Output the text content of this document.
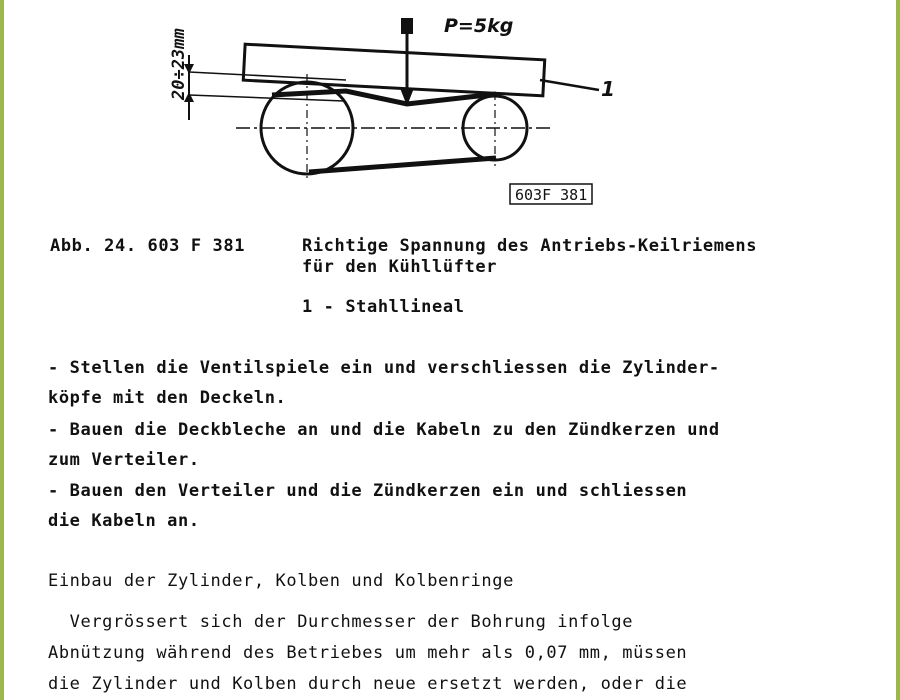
20÷23mm
P=5kg
1
603F 381
Abb. 24. 603 F 381	Richtige Spannung des Antriebs-Keilriemens
für den Kühllüfter
1 - Stahllineal
- Stellen die Ventilspiele ein und verschliessen die Zylinder-
köpfe mit den Deckeln.
- Bauen die Deckbleche an und die Kabeln zu den Zündkerzen und
zum Verteiler.
- Bauen den Verteiler und die Zündkerzen ein und schliessen
die Kabeln an.
Einbau der Zylinder, Kolben und Kolbenringe
Vergrössert sich der Durchmesser der Bohrung infolge
Abnützung während des Betriebes um mehr als 0,07 mm, müssen
die Zylinder und Kolben durch neue ersetzt werden, oder die
